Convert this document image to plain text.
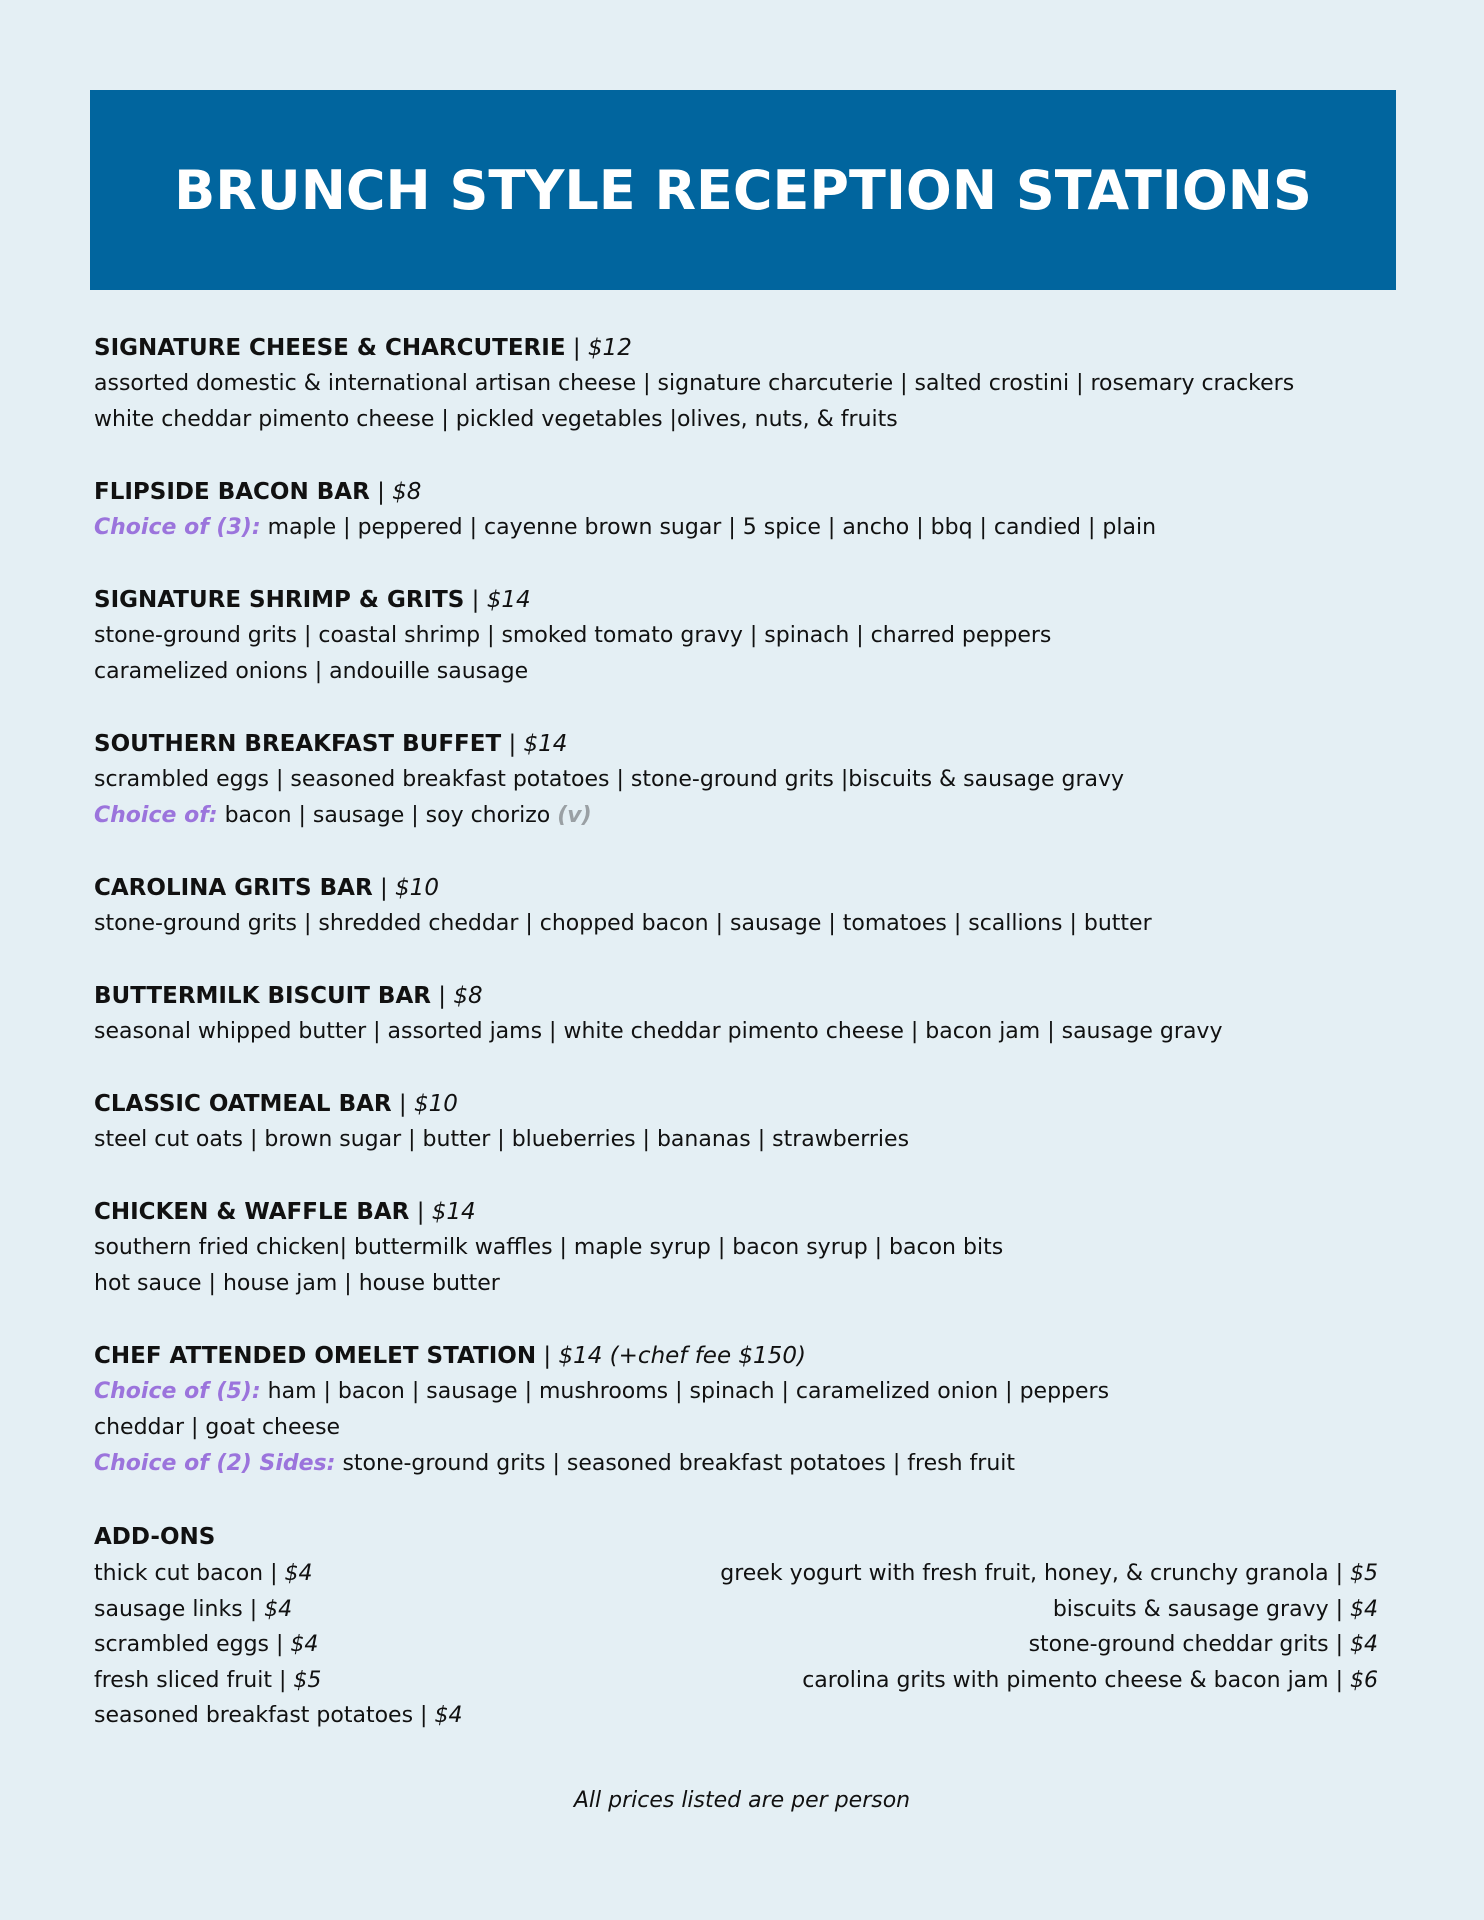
BRUNCH STYLE RECEPTION STATIONS
SIGNATURE CHEESE & CHARCUTERIE | $12
assorted domestic & international artisan cheese | signature charcuterie | salted crostini | rosemary crackers
white cheddar pimento cheese | pickled vegetables |olives, nuts, & fruits
FLIPSIDE BACON BAR | $8
Choice of (3): maple | peppered | cayenne brown sugar | 5 spice | ancho | bbq | candied | plain
SIGNATURE SHRIMP & GRITS | $14
stone-ground grits | coastal shrimp | smoked tomato gravy | spinach | charred peppers
caramelized onions | andouille sausage
SOUTHERN BREAKFAST BUFFET | $14
scrambled eggs | seasoned breakfast potatoes | stone-ground grits |biscuits & sausage gravy
Choice of: bacon | sausage | soy chorizo (v)
CAROLINA GRITS BAR | $10
stone-ground grits | shredded cheddar | chopped bacon | sausage | tomatoes | scallions | butter
BUTTERMILK BISCUIT BAR | $8
seasonal whipped butter | assorted jams | white cheddar pimento cheese | bacon jam | sausage gravy
CLASSIC OATMEAL BAR | $10
steel cut oats | brown sugar | butter | blueberries | bananas | strawberries
CHICKEN & WAFFLE BAR | $14
southern fried chicken| buttermilk waffles | maple syrup | bacon syrup | bacon bits
hot sauce | house jam | house butter
CHEF ATTENDED OMELET STATION | $14 (+chef fee $150)
Choice of (5): ham | bacon | sausage | mushrooms | spinach | caramelized onion | peppers
cheddar | goat cheese
Choice of (2) Sides: stone-ground grits | seasoned breakfast potatoes | fresh fruit
ADD-ONS
thick cut bacon | $4
sausage links | $4
scrambled eggs | $4
fresh sliced fruit | $5
seasoned breakfast potatoes | $4
greek yogurt with fresh fruit, honey, & crunchy granola | $5
biscuits & sausage gravy | $4
stone-ground cheddar grits | $4
carolina grits with pimento cheese & bacon jam | $6
All prices listed are per person
